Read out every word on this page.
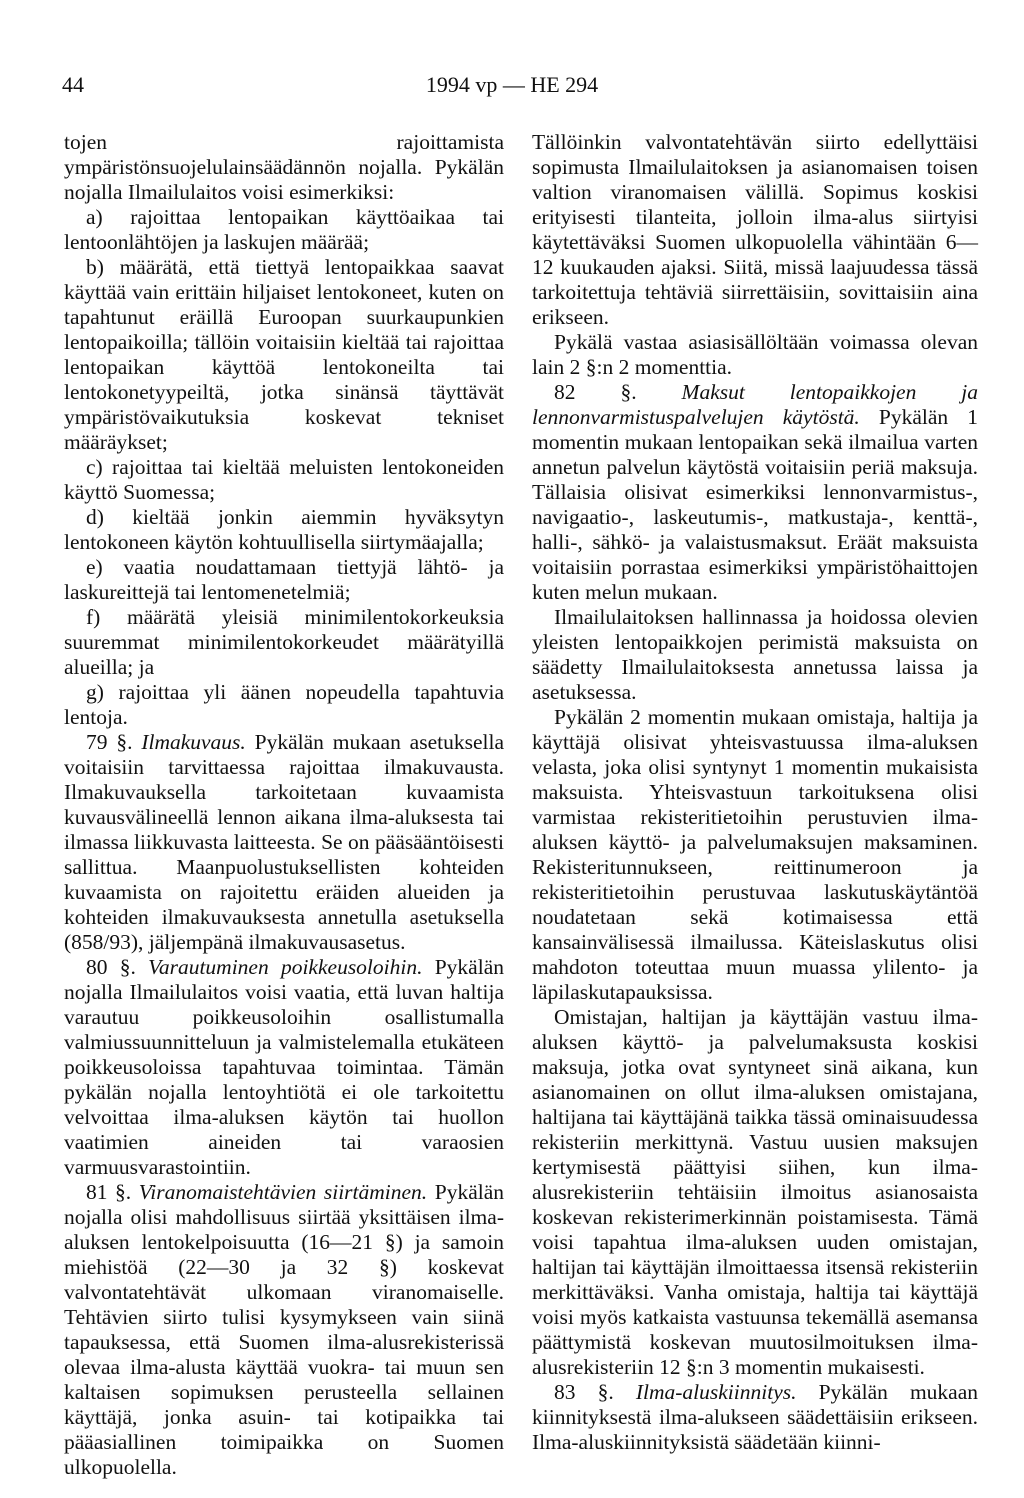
44	1994 vp — HE 294

tojen rajoittamista ympäristönsuojelulainsäädännön nojalla. Pykälän nojalla Ilmailulaitos voisi esimerkiksi:

a) rajoittaa lentopaikan käyttöaikaa tai lentoonlähtöjen ja laskujen määrää;

b) määrätä, että tiettyä lentopaikkaa saavat käyttää vain erittäin hiljaiset lentokoneet, kuten on tapahtunut eräillä Euroopan suurkaupunkien lentopaikoilla; tällöin voitaisiin kieltää tai rajoittaa lentopaikan käyttöä lentokoneilta tai lentokonetyypeiltä, jotka sinänsä täyttävät ympäristövaikutuksia koskevat tekniset määräykset;

c) rajoittaa tai kieltää meluisten lentokoneiden käyttö Suomessa;

d) kieltää jonkin aiemmin hyväksytyn lentokoneen käytön kohtuullisella siirtymäajalla;

e) vaatia noudattamaan tiettyjä lähtö- ja laskureittejä tai lentomenetelmiä;

f) määrätä yleisiä minimilentokorkeuksia suuremmat minimilentokorkeudet määrätyillä alueilla; ja

g) rajoittaa yli äänen nopeudella tapahtuvia lentoja.

79 §. Ilmakuvaus. Pykälän mukaan asetuksella voitaisiin tarvittaessa rajoittaa ilmakuvausta. Ilmakuvauksella tarkoitetaan kuvaamista kuvausvälineellä lennon aikana ilma-aluksesta tai ilmassa liikkuvasta laitteesta. Se on pääsääntöisesti sallittua. Maanpuolustuksellisten kohteiden kuvaamista on rajoitettu eräiden alueiden ja kohteiden ilmakuvauksesta annetulla asetuksella (858/93), jäljempänä ilmakuvausasetus.

80 §. Varautuminen poikkeusoloihin. Pykälän nojalla Ilmailulaitos voisi vaatia, että luvan haltija varautuu poikkeusoloihin osallistumalla valmiussuunnitteluun ja valmistelemalla etukäteen poikkeusoloissa tapahtuvaa toimintaa. Tämän pykälän nojalla lentoyhtiötä ei ole tarkoitettu velvoittaa ilma-aluksen käytön tai huollon vaatimien aineiden tai varaosien varmuusvarastointiin.

81 §. Viranomaistehtävien siirtäminen. Pykälän nojalla olisi mahdollisuus siirtää yksittäisen ilma-aluksen lentokelpoisuutta (16—21 §) ja samoin miehistöä (22—30 ja 32 §) koskevat valvontatehtävät ulkomaan viranomaiselle. Tehtävien siirto tulisi kysymykseen vain siinä tapauksessa, että Suomen ilma-alusrekisterissä olevaa ilma-alusta käyttää vuokra- tai muun sen kaltaisen sopimuksen perusteella sellainen käyttäjä, jonka asuin- tai kotipaikka tai pääasiallinen toimipaikka on Suomen ulkopuolella.

Tällöinkin valvontatehtävän siirto edellyttäisi sopimusta Ilmailulaitoksen ja asianomaisen toisen valtion viranomaisen välillä. Sopimus koskisi erityisesti tilanteita, jolloin ilma-alus siirtyisi käytettäväksi Suomen ulkopuolella vähintään 6—12 kuukauden ajaksi. Siitä, missä laajuudessa tässä tarkoitettuja tehtäviä siirrettäisiin, sovittaisiin aina erikseen.

Pykälä vastaa asiasisällöltään voimassa olevan lain 2 §:n 2 momenttia.

82 §. Maksut lentopaikkojen ja lennonvarmistuspalvelujen käytöstä. Pykälän 1 momentin mukaan lentopaikan sekä ilmailua varten annetun palvelun käytöstä voitaisiin periä maksuja. Tällaisia olisivat esimerkiksi lennonvarmistus-, navigaatio-, laskeutumis-, matkustaja-, kenttä-, halli-, sähkö- ja valaistusmaksut. Eräät maksuista voitaisiin porrastaa esimerkiksi ympäristöhaittojen kuten melun mukaan.

Ilmailulaitoksen hallinnassa ja hoidossa olevien yleisten lentopaikkojen perimistä maksuista on säädetty Ilmailulaitoksesta annetussa laissa ja asetuksessa.

Pykälän 2 momentin mukaan omistaja, haltija ja käyttäjä olisivat yhteisvastuussa ilma-aluksen velasta, joka olisi syntynyt 1 momentin mukaisista maksuista. Yhteisvastuun tarkoituksena olisi varmistaa rekisteritietoihin perustuvien ilma-aluksen käyttö- ja palvelumaksujen maksaminen. Rekisteritunnukseen, reittinumeroon ja rekisteritietoihin perustuvaa laskutuskäytäntöä noudatetaan sekä kotimaisessa että kansainvälisessä ilmailussa. Käteislaskutus olisi mahdoton toteuttaa muun muassa ylilento- ja läpilaskutapauksissa.

Omistajan, haltijan ja käyttäjän vastuu ilma-aluksen käyttö- ja palvelumaksusta koskisi maksuja, jotka ovat syntyneet sinä aikana, kun asianomainen on ollut ilma-aluksen omistajana, haltijana tai käyttäjänä taikka tässä ominaisuudessa rekisteriin merkittynä. Vastuu uusien maksujen kertymisestä päättyisi siihen, kun ilma-alusrekisteriin tehtäisiin ilmoitus asianosaista koskevan rekisterimerkinnän poistamisesta. Tämä voisi tapahtua ilma-aluksen uuden omistajan, haltijan tai käyttäjän ilmoittaessa itsensä rekisteriin merkittäväksi. Vanha omistaja, haltija tai käyttäjä voisi myös katkaista vastuunsa tekemällä asemansa päättymistä koskevan muutosilmoituksen ilma-alusrekisteriin 12 §:n 3 momentin mukaisesti.

83 §. Ilma-aluskiinnitys. Pykälän mukaan kiinnityksestä ilma-alukseen säädettäisiin erikseen. Ilma-aluskiinnityksistä säädetään kiinni-
